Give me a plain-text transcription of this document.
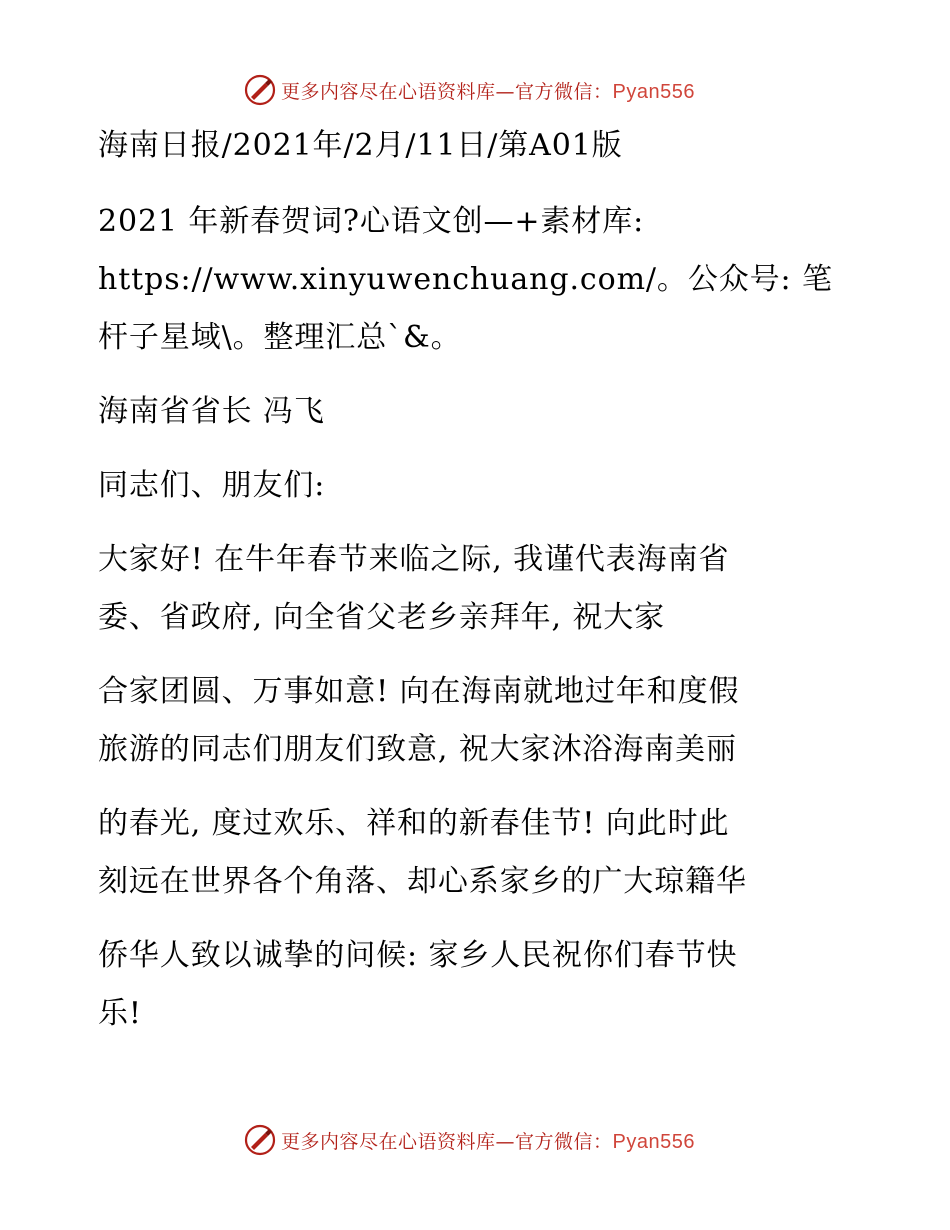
更多内容尽在心语资料库—官方微信：Pyan556
海南日报/2021年/2月/11日/第A01版
2021 年新春贺词?心语文创—+素材库:
https://www.xinyuwenchuang.com/。公众号: 笔
杆子星域\。整理汇总`&。
海南省省长 冯飞
同志们、朋友们:
大家好! 在牛年春节来临之际, 我谨代表海南省
委、省政府, 向全省父老乡亲拜年, 祝大家
合家团圆、万事如意! 向在海南就地过年和度假
旅游的同志们朋友们致意, 祝大家沐浴海南美丽
的春光, 度过欢乐、祥和的新春佳节! 向此时此
刻远在世界各个角落、却心系家乡的广大琼籍华
侨华人致以诚挚的问候: 家乡人民祝你们春节快
乐!
更多内容尽在心语资料库—官方微信：Pyan556
